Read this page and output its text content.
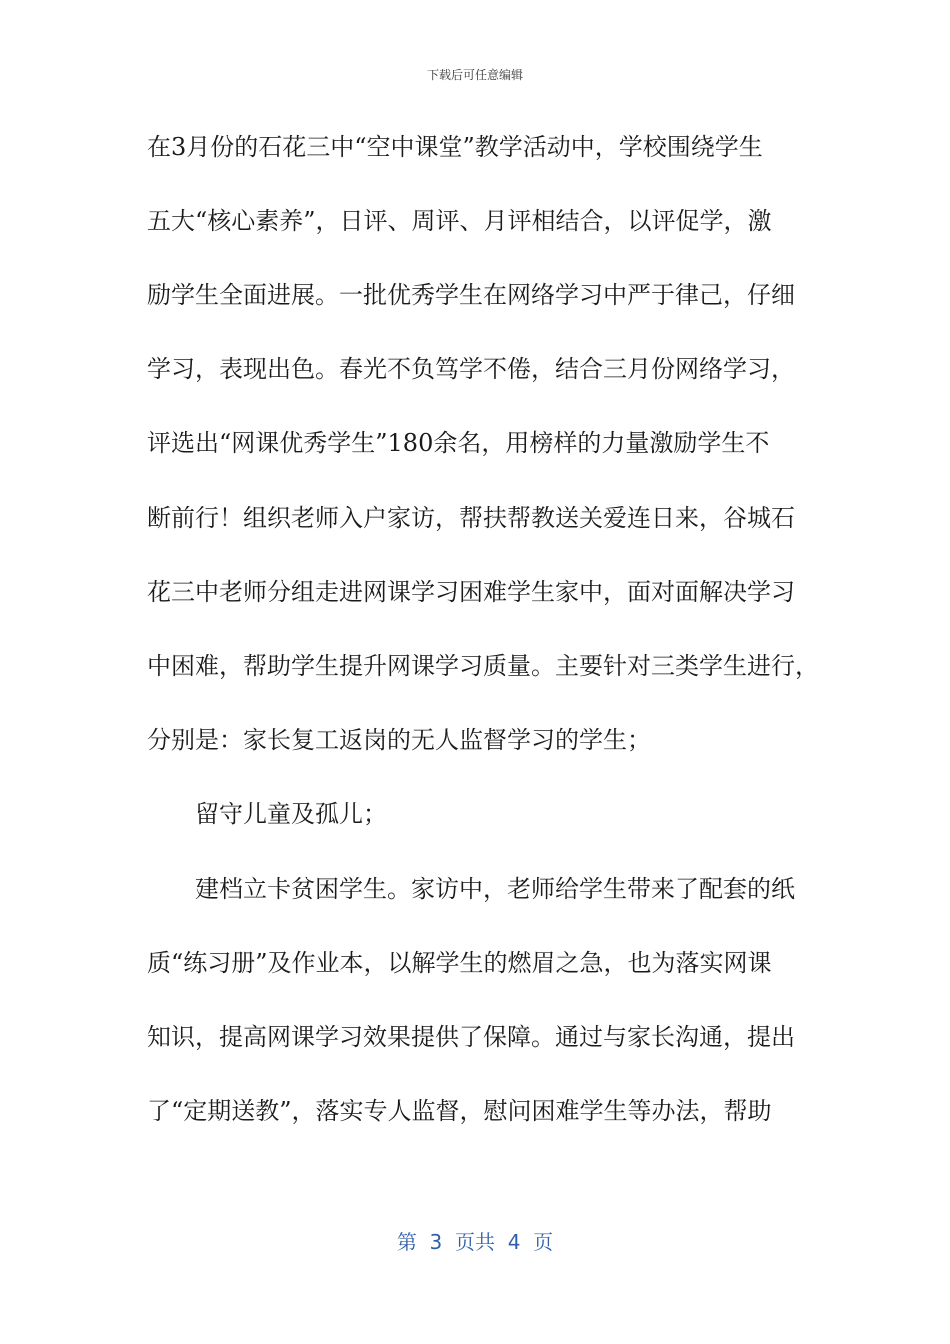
下载后可任意编辑
在3月份的石花三中“空中课堂”教学活动中，学校围绕学生
五大“核心素养”，日评、周评、月评相结合，以评促学，激
励学生全面进展。一批优秀学生在网络学习中严于律己，仔细
学习，表现出色。春光不负笃学不倦，结合三月份网络学习，
评选出“网课优秀学生”180余名，用榜样的力量激励学生不
断前行！组织老师入户家访，帮扶帮教送关爱连日来，谷城石
花三中老师分组走进网课学习困难学生家中，面对面解决学习
中困难，帮助学生提升网课学习质量。主要针对三类学生进行，
分别是：家长复工返岗的无人监督学习的学生；
留守儿童及孤儿；
建档立卡贫困学生。家访中，老师给学生带来了配套的纸
质“练习册”及作业本，以解学生的燃眉之急，也为落实网课
知识，提高网课学习效果提供了保障。通过与家长沟通，提出
了“定期送教”，落实专人监督，慰问困难学生等办法，帮助
第  3  页共  4  页
